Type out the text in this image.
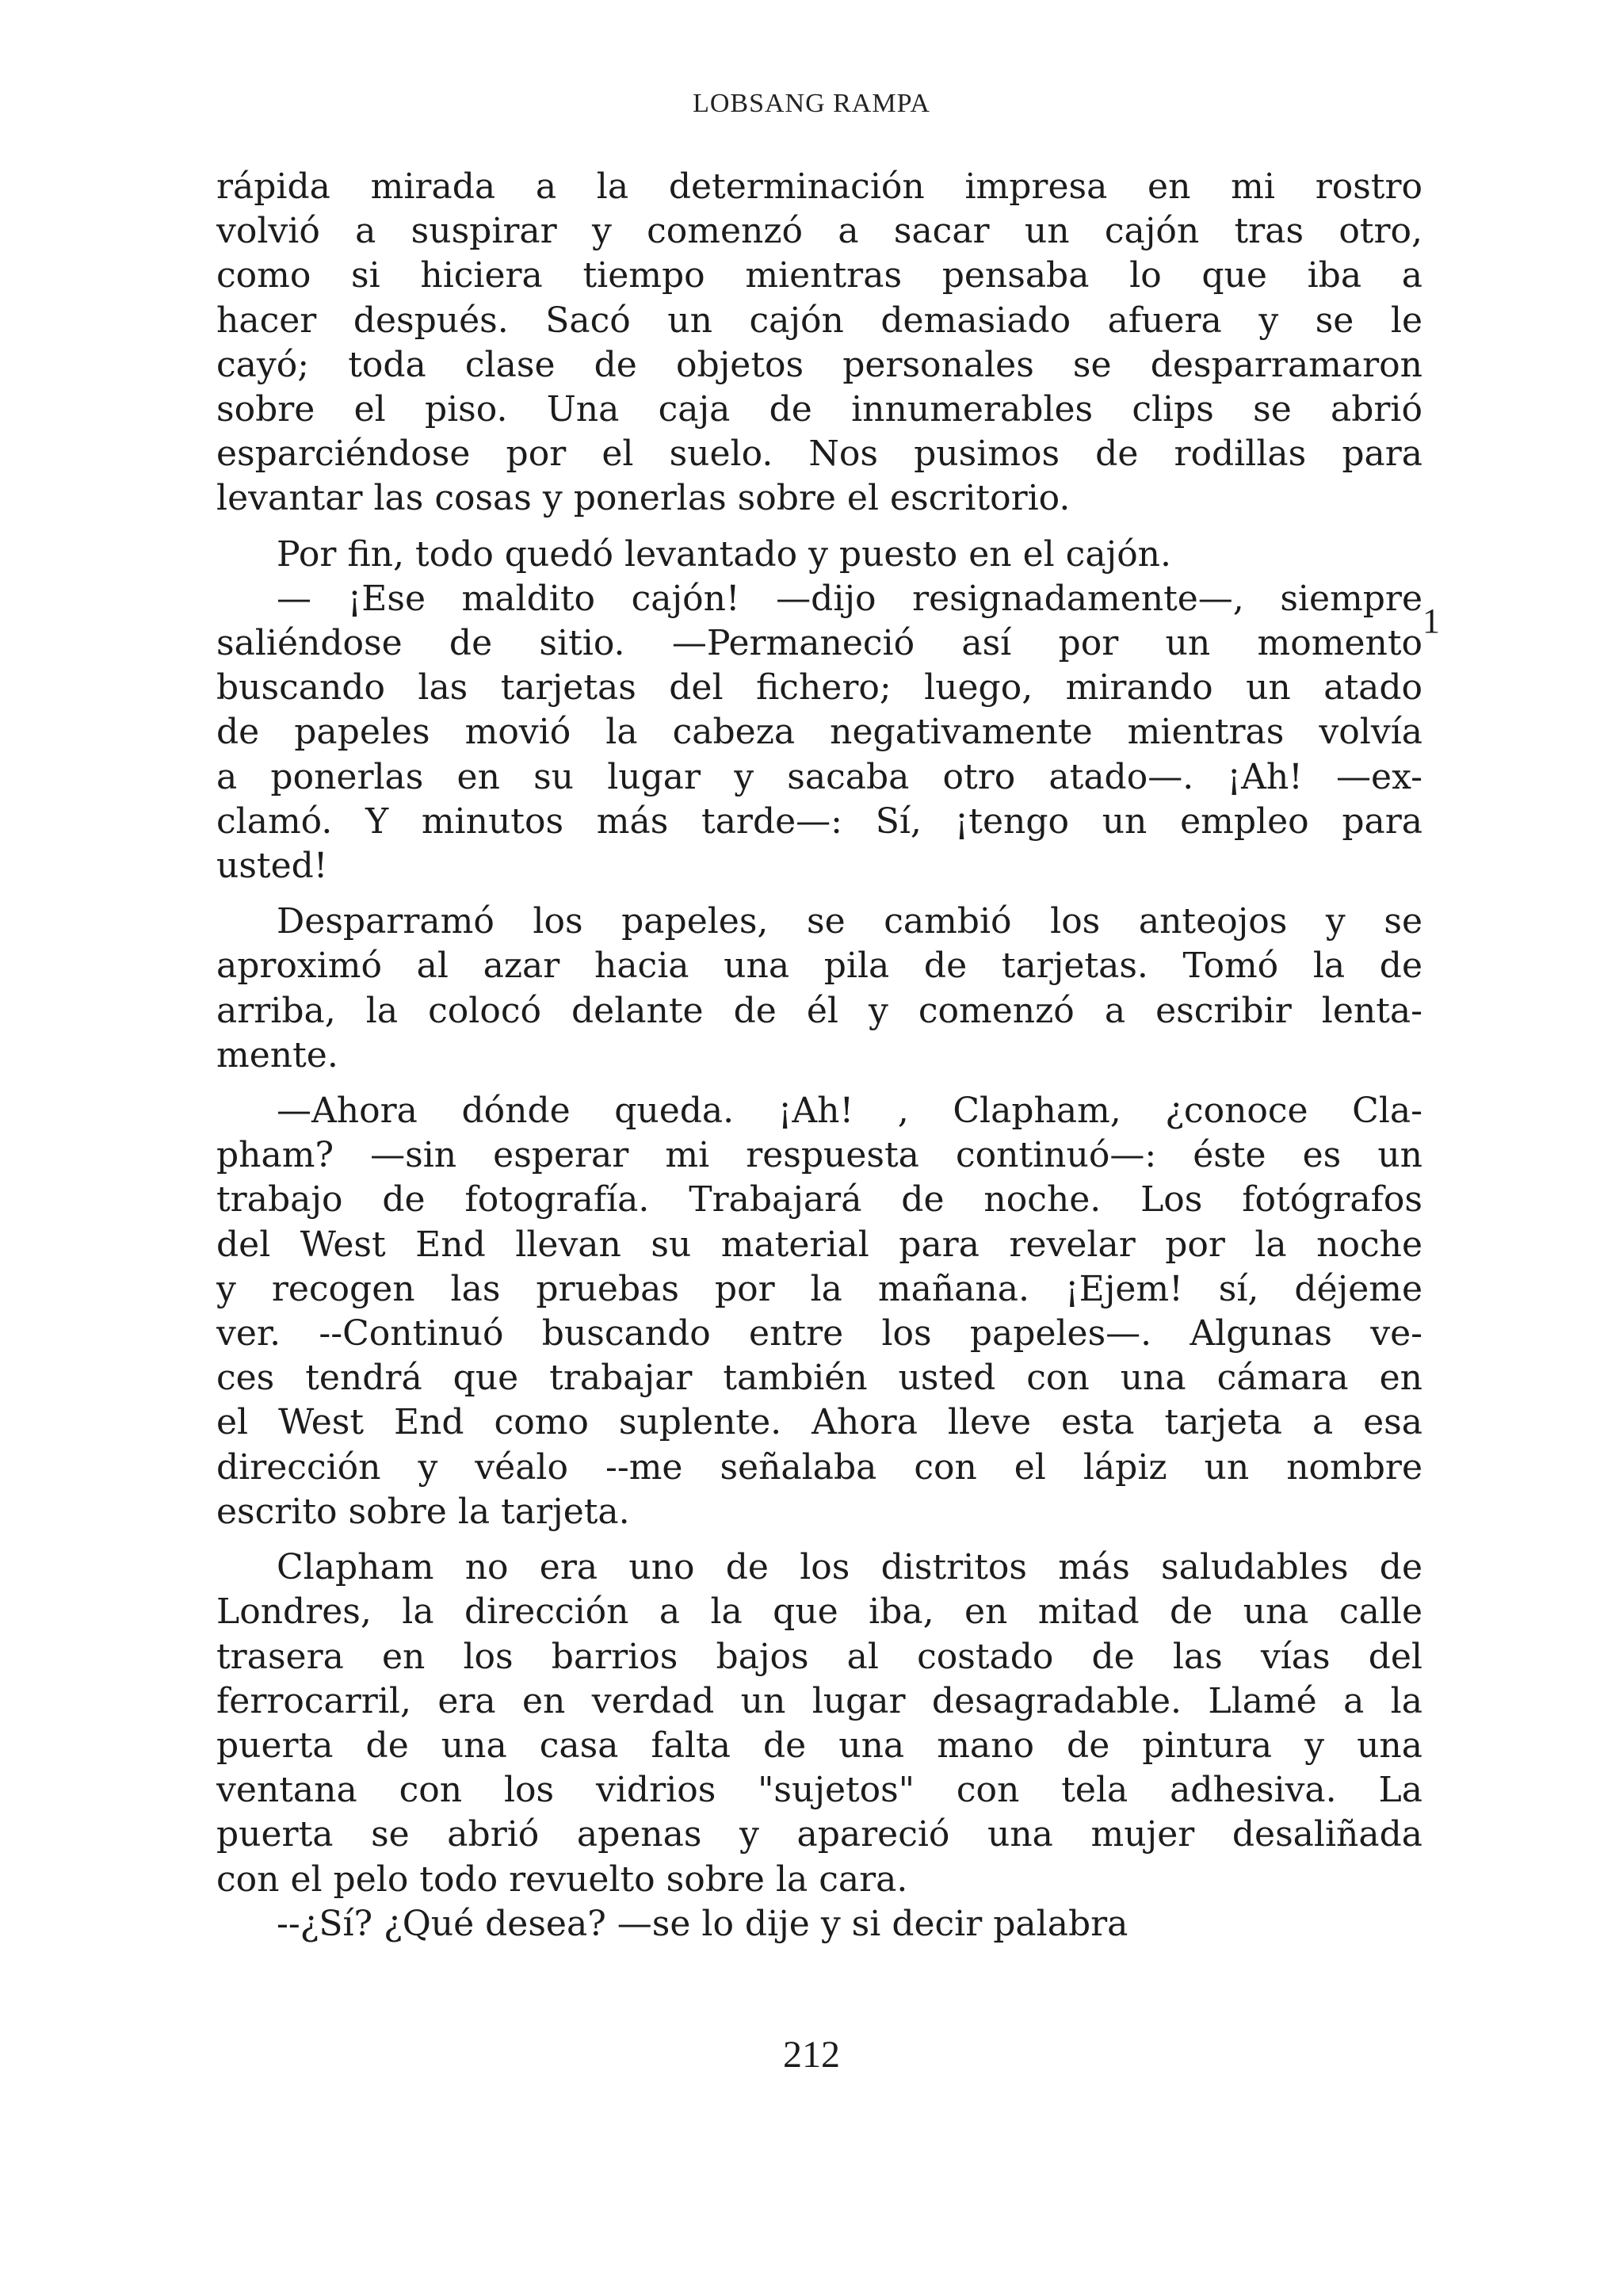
LOBSANG RAMPA
rápida mirada a la determinación impresa en mi rostro
volvió a suspirar y comenzó a sacar un cajón tras otro,
como si hiciera tiempo mientras pensaba lo que iba a
hacer después. Sacó un cajón demasiado afuera y se le
cayó; toda clase de objetos personales se desparramaron
sobre el piso. Una caja de innumerables clips se abrió
esparciéndose por el suelo. Nos pusimos de rodillas para
levantar las cosas y ponerlas sobre el escritorio.
Por fin, todo quedó levantado y puesto en el cajón.
— ¡Ese maldito cajón! —dijo resignadamente—, siempre
saliéndose de sitio. —Permaneció así por un momento
buscando las tarjetas del fichero; luego, mirando un atado
de papeles movió la cabeza negativamente mientras volvía
a ponerlas en su lugar y sacaba otro atado—. ¡Ah! —ex-
clamó. Y minutos más tarde—: Sí, ¡tengo un empleo para
usted!
Desparramó los papeles, se cambió los anteojos y se
aproximó al azar hacia una pila de tarjetas. Tomó la de
arriba, la colocó delante de él y comenzó a escribir lenta-
mente.
—Ahora dónde queda. ¡Ah! , Clapham, ¿conoce Cla-
pham? —sin esperar mi respuesta continuó—: éste es un
trabajo de fotografía. Trabajará de noche. Los fotógrafos
del West End llevan su material para revelar por la noche
y recogen las pruebas por la mañana. ¡Ejem! sí, déjeme
ver. --Continuó buscando entre los papeles—. Algunas ve-
ces tendrá que trabajar también usted con una cámara en
el West End como suplente. Ahora lleve esta tarjeta a esa
dirección y véalo --me señalaba con el lápiz un nombre
escrito sobre la tarjeta.
Clapham no era uno de los distritos más saludables de
Londres, la dirección a la que iba, en mitad de una calle
trasera en los barrios bajos al costado de las vías del
ferrocarril, era en verdad un lugar desagradable. Llamé a la
puerta de una casa falta de una mano de pintura y una
ventana con los vidrios "sujetos" con tela adhesiva. La
puerta se abrió apenas y apareció una mujer desaliñada
con el pelo todo revuelto sobre la cara.
--¿Sí? ¿Qué desea? —se lo dije y si decir palabra
1
212
